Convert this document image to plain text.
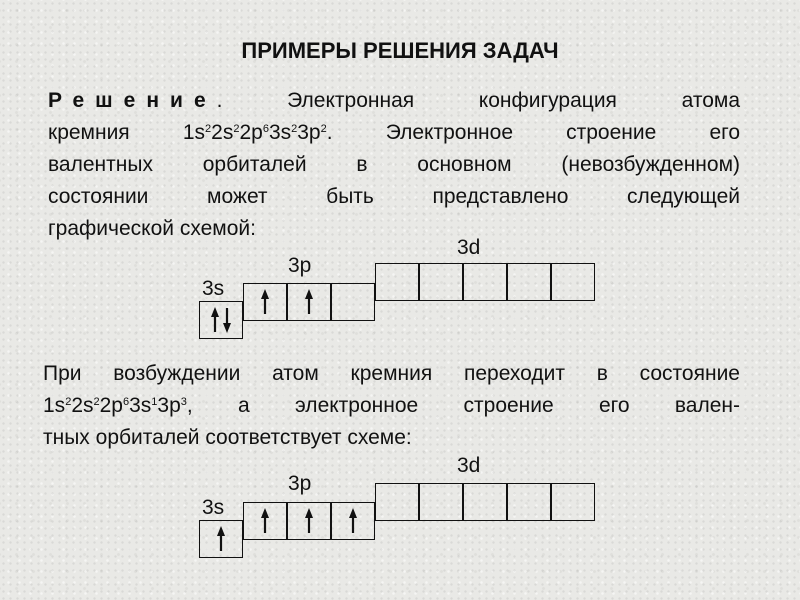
ПРИМЕРЫ РЕШЕНИЯ ЗАДАЧ
Решение. Электронная конфигурация атома
кремния $1s^22s^22p^63s^23p^2$. Электронное строение его
валентных орбиталей в основном (невозбужденном)
состоянии может быть представлено следующей
графической схемой:
При возбуждении атом кремния переходит в состояние
$1s^22s^22p^63s^13p^3$, а электронное строение его вален-
тных орбиталей соответствует схеме:
3s
3p
3d
3s
3p
3d
